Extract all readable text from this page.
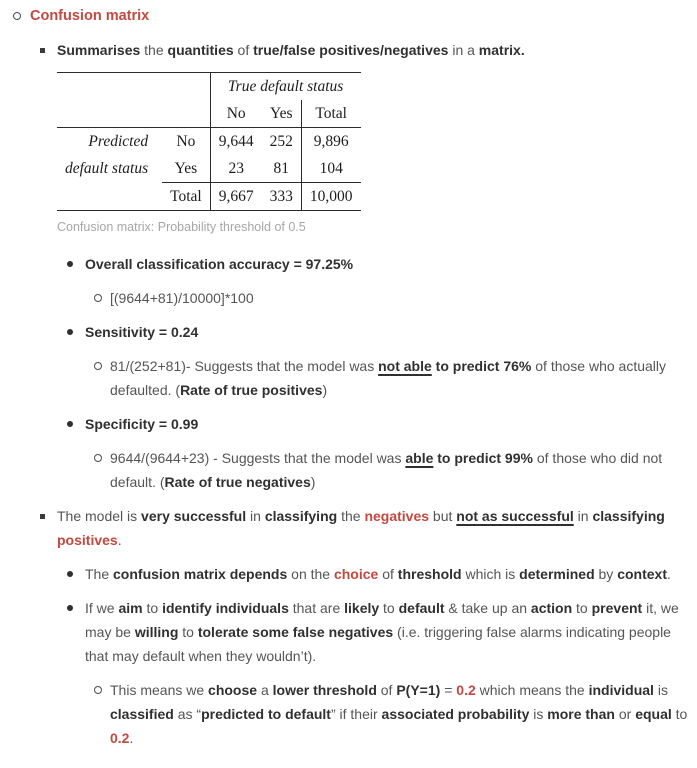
Confusion matrix
Summarises the quantities of true/false positives/negatives in a matrix.
		True default status		
		No	Yes	Total
Predicted	No	9,644	252	9,896
default status	Yes	23	81	104
	Total	9,667	333	10,000
Confusion matrix: Probability threshold of 0.5
Overall classification accuracy = 97.25%
[(9644+81)/10000]*100
Sensitivity = 0.24
81/(252+81)- Suggests that the model was not able to predict 76% of those who actually defaulted. (Rate of true positives)
Specificity = 0.99
9644/(9644+23) - Suggests that the model was able to predict 99% of those who did not default. (Rate of true negatives)
The model is very successful in classifying the negatives but not as successful in classifying positives.
The confusion matrix depends on the choice of threshold which is determined by context.
If we aim to identify individuals that are likely to default & take up an action to prevent it, we may be willing to tolerate some false negatives (i.e. triggering false alarms indicating people that may default when they wouldn’t).
This means we choose a lower threshold of P(Y=1) = 0.2 which means the individual is classified as “predicted to default” if their associated probability is more than or equal to 0.2.
